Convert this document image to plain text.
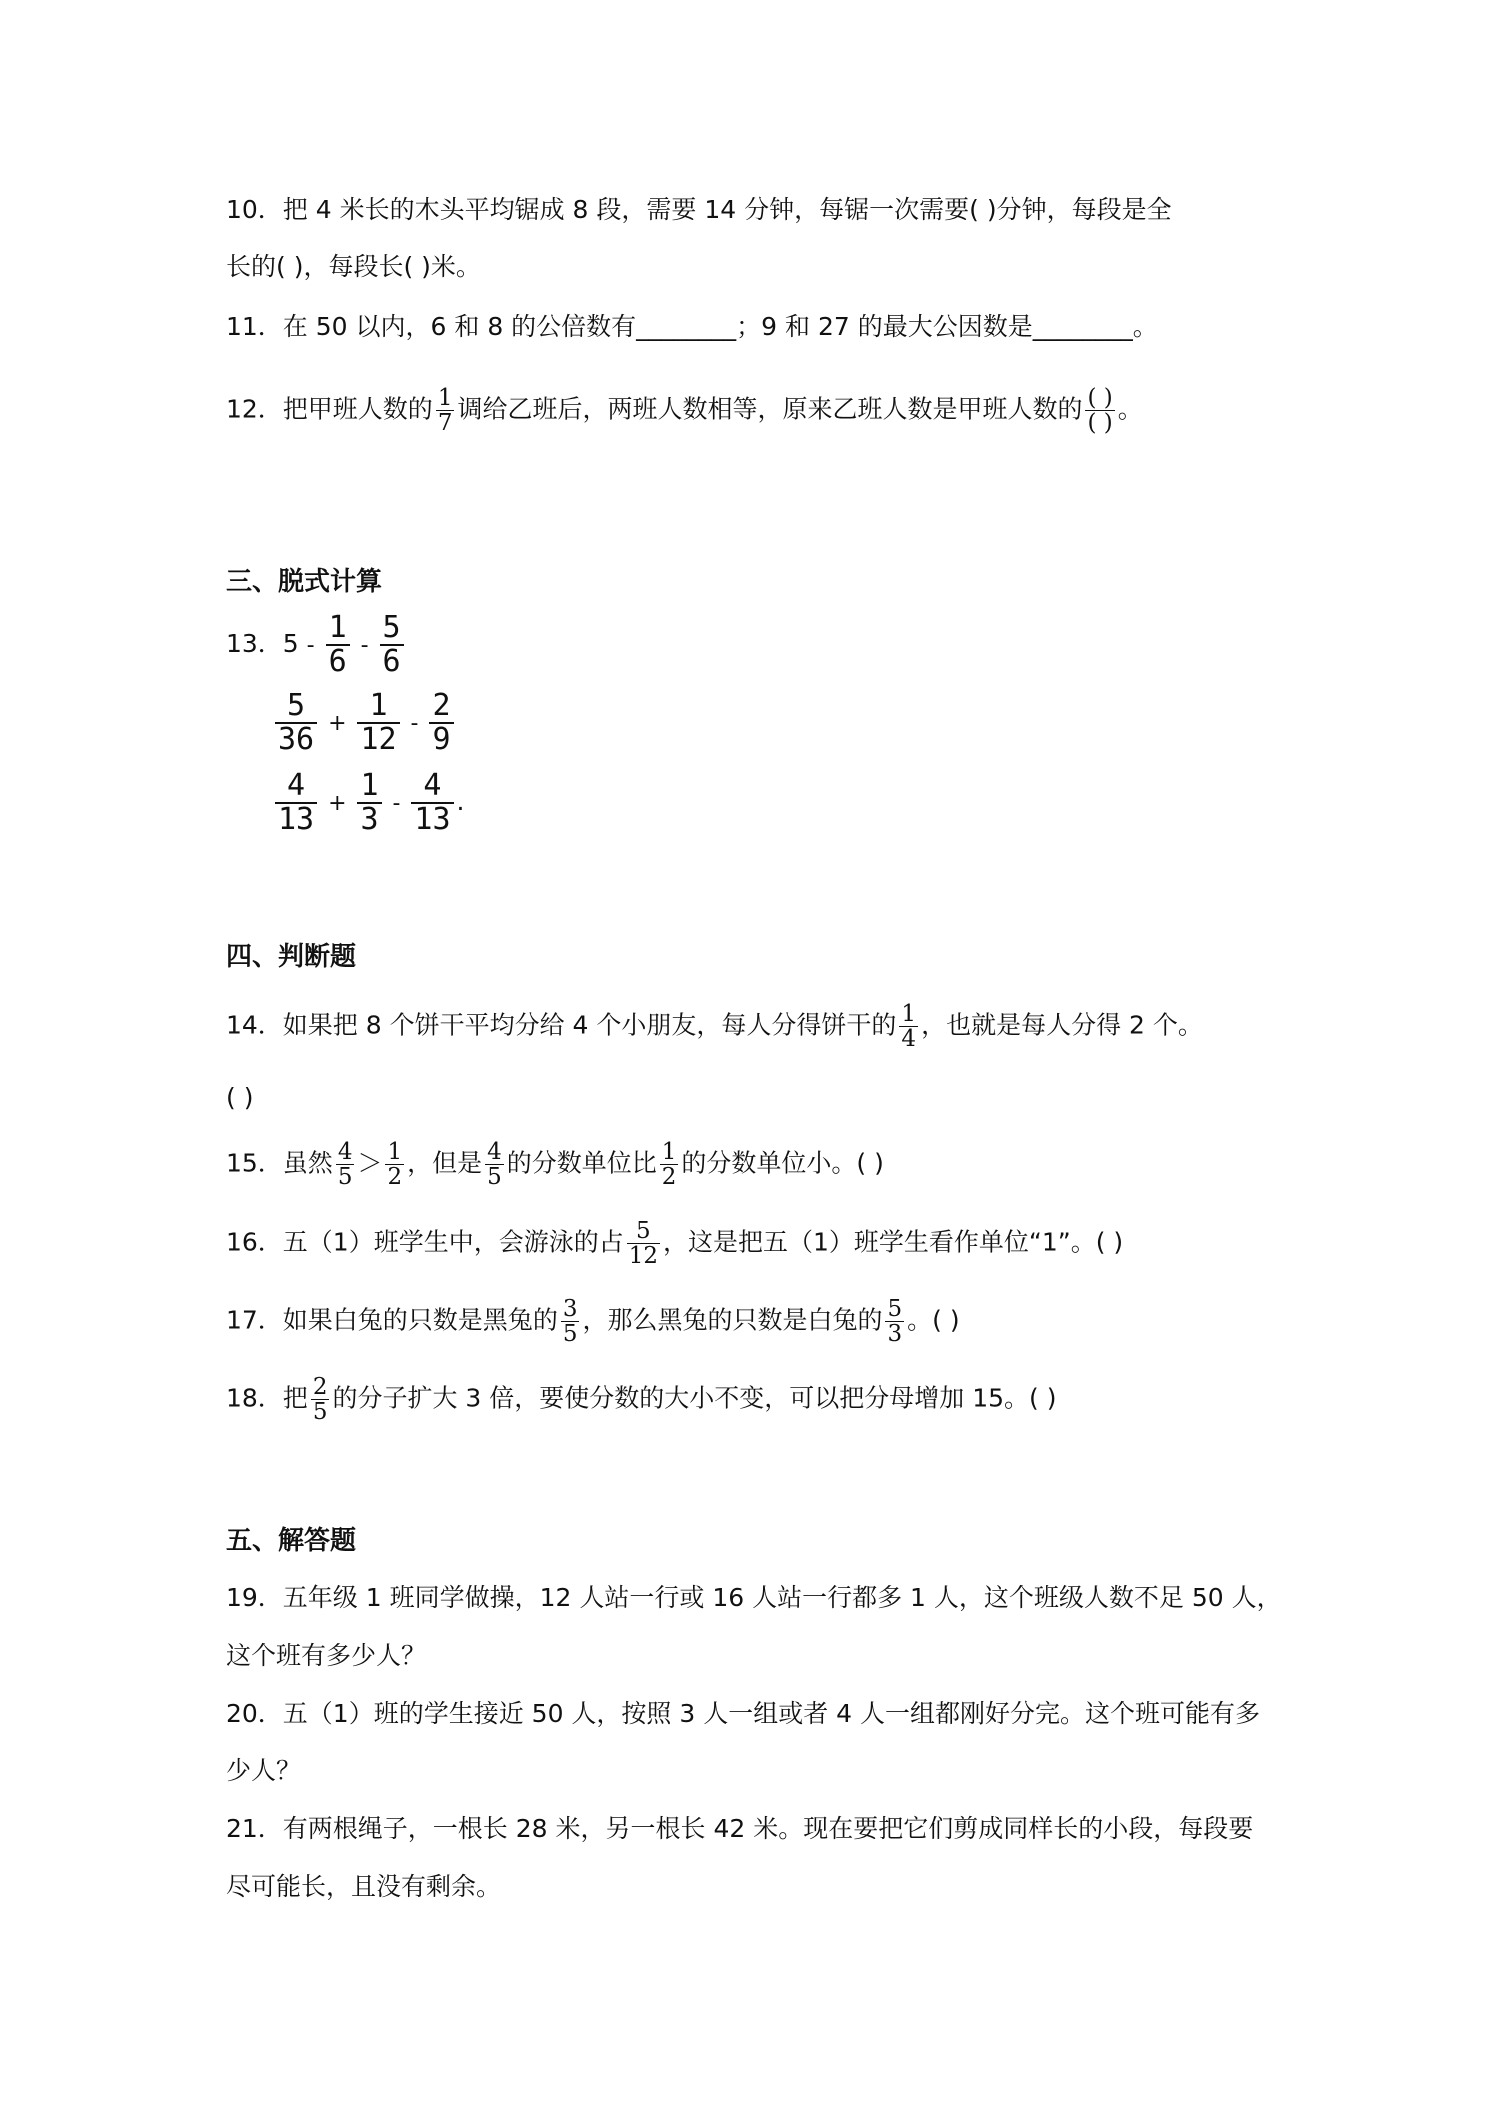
10．把 4 米长的木头平均锯成 8 段，需要 14 分钟，每锯一次需要( )分钟，每段是全
长的( )，每段长( )米。
11．在 50 以内，6 和 8 的公倍数有________；9 和 27 的最大公因数是________。
12．把甲班人数的 $\frac{1}{7}$ 调给乙班后，两班人数相等，原来乙班人数是甲班人数的 $\frac{( )}{( )}$ 。
三、脱式计算
13．$5 - \frac{1}{6} - \frac{5}{6}$
$\frac{5}{36} + \frac{1}{12} - \frac{2}{9}$
$\frac{4}{13} + \frac{1}{3} - \frac{4}{13}$ .
四、判断题
14．如果把 8 个饼干平均分给 4 个小朋友，每人分得饼干的 $\frac{1}{4}$ ，也就是每人分得 2 个。
( )
15．虽然 $\frac{4}{5} > \frac{1}{2}$ ，但是 $\frac{4}{5}$ 的分数单位比 $\frac{1}{2}$ 的分数单位小。( )
16．五（1）班学生中，会游泳的占 $\frac{5}{12}$ ，这是把五（1）班学生看作单位“1”。( )
17．如果白兔的只数是黑兔的 $\frac{3}{5}$ ，那么黑兔的只数是白兔的 $\frac{5}{3}$ 。( )
18．把 $\frac{2}{5}$ 的分子扩大 3 倍，要使分数的大小不变，可以把分母增加 15。( )
五、解答题
19．五年级 1 班同学做操，12 人站一行或 16 人站一行都多 1 人，这个班级人数不足 50 人，
这个班有多少人？
20．五（1）班的学生接近 50 人，按照 3 人一组或者 4 人一组都刚好分完。这个班可能有多
少人？
21．有两根绳子，一根长 28 米，另一根长 42 米。现在要把它们剪成同样长的小段，每段要
尽可能长，且没有剩余。
